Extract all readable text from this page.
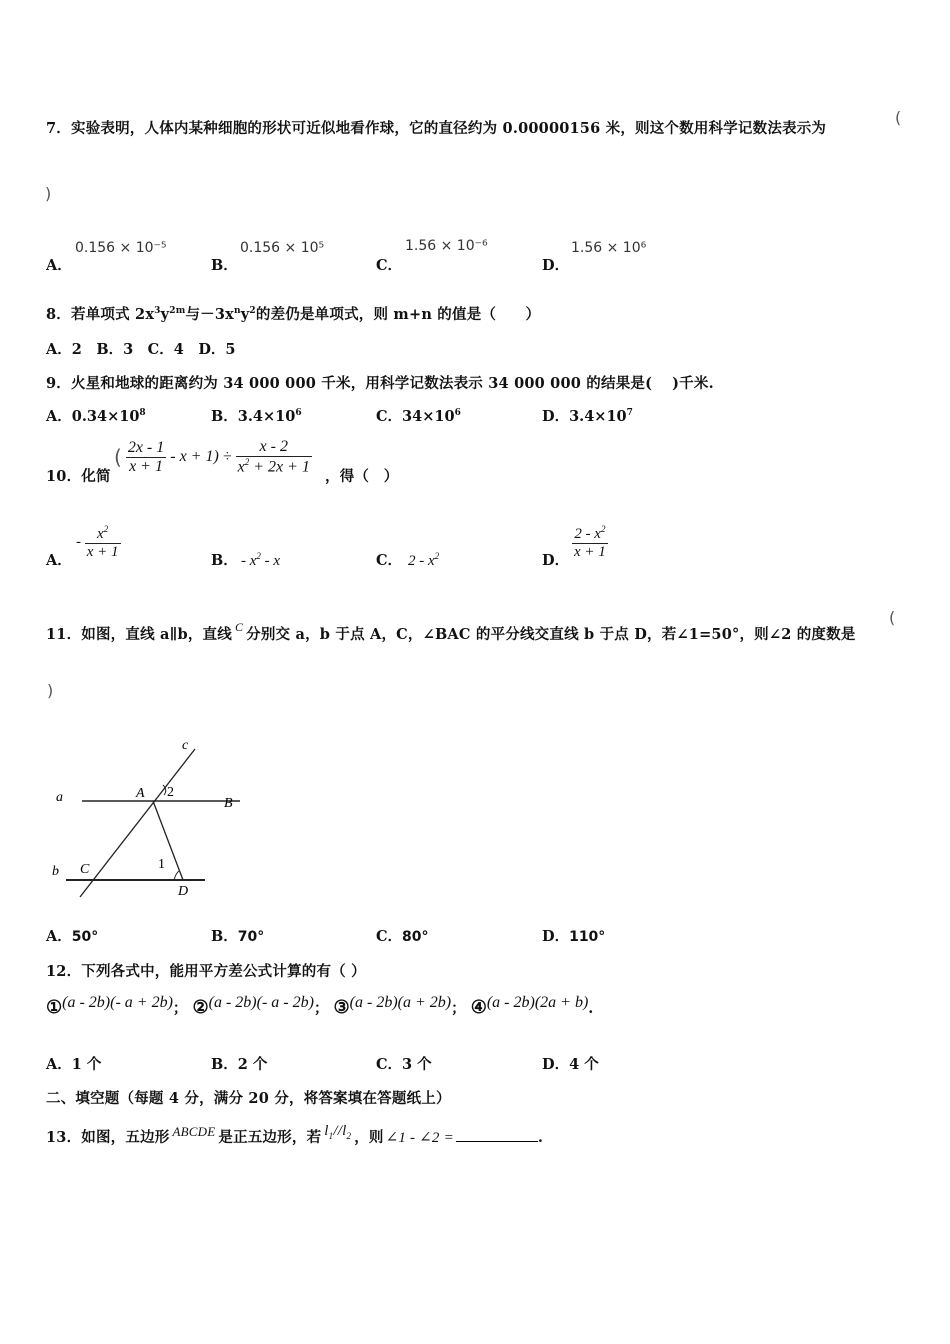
7．实验表明，人体内某种细胞的形状可近似地看作球，它的直径约为 0.00000156 米，则这个数用科学记数法表示为
(
)
A．
0.156 × 10⁻⁵
B．
0.156 × 10⁵
C．
1.56 × 10⁻⁶
D．
1.56 × 10⁶
8．若单项式 $2x^3y^{2m}$与$-3x^ny^2$的差仍是单项式，则 m+n 的值是（　　）
A．2　B．3　C．4　D．5
9．火星和地球的距离约为 34 000 000 千米，用科学记数法表示 34 000 000 的结果是(　 )千米.
A．$0.34\times 10^8$	B．$3.4\times 10^6$	C．$34\times 10^6$	D．$3.4\times 10^7$
10．化简
( $\frac{2x - 1}{x + 1} - x + 1) \div \frac{x - 2}{x^2 + 2x + 1}$
，得（　）
A．
- $\frac{x^2}{x + 1}$	B． - $x^2$ - x	C． $2 - x^2$	D． $\frac{2 - x^2}{x + 1}$
11．如图，直线 a∥b，直线 $^C$ 分别交 a，b 于点 A，C，∠BAC 的平分线交直线 b 于点 D，若∠1=50°，则∠2 的度数是
(
)
a
b
c
A
B
C
D
1
2
A．50°	B．70°	C．80°	D．110°
12．下列各式中，能用平方差公式计算的有（ ）
①(a - 2b)(- a + 2b)； ②(a - 2b)(- a - 2b)； ③(a - 2b)(a + 2b)； ④(a - 2b)(2a + b).
A．1 个	B．2 个	C．3 个	D．4 个
二、填空题（每题 4 分，满分 20 分，将答案填在答题纸上）
13．如图，五边形 ABCDE 是正五边形，若 $l_1//l_2$ ，则 ∠1 - ∠2 =	.
